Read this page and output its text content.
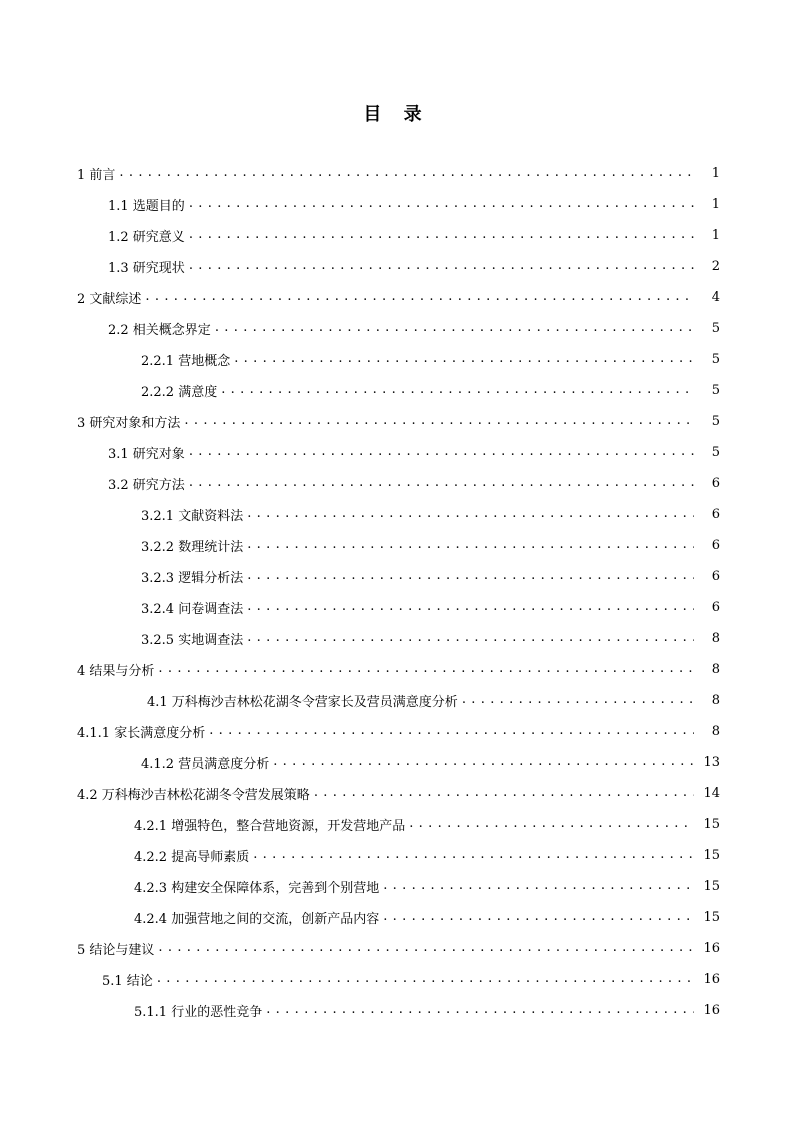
目 录
1 前言 . . .	1
1.1 选题目的 . . .	1
1.2 研究意义 . . .	1
1.3 研究现状 . . .	2
2 文献综述 . . .	4
2.2 相关概念界定 . . .	5
2.2.1 营地概念 . . .	5
2.2.2 满意度 . . .	5
3 研究对象和方法 . . .	5
3.1 研究对象 . . .	5
3.2 研究方法 . . .	6
3.2.1 文献资料法 . . .	6
3.2.2 数理统计法 . . .	6
3.2.3 逻辑分析法 . . .	6
3.2.4 问卷调查法 . . .	6
3.2.5 实地调查法 . . .	8
4 结果与分析 . . .	8
4.1 万科梅沙吉林松花湖冬令营家长及营员满意度分析 . . .	8
4.1.1 家长满意度分析 . . .	8
4.1.2 营员满意度分析 . . .	13
4.2 万科梅沙吉林松花湖冬令营发展策略 . . .	14
4.2.1 增强特色，整合营地资源，开发营地产品 . . .	15
4.2.2 提高导师素质 . . .	15
4.2.3 构建安全保障体系，完善到个别营地 . . .	15
4.2.4 加强营地之间的交流，创新产品内容 . . .	15
5 结论与建议 . . .	16
5.1 结论 . . .	16
5.1.1 行业的恶性竞争 . . .	16
